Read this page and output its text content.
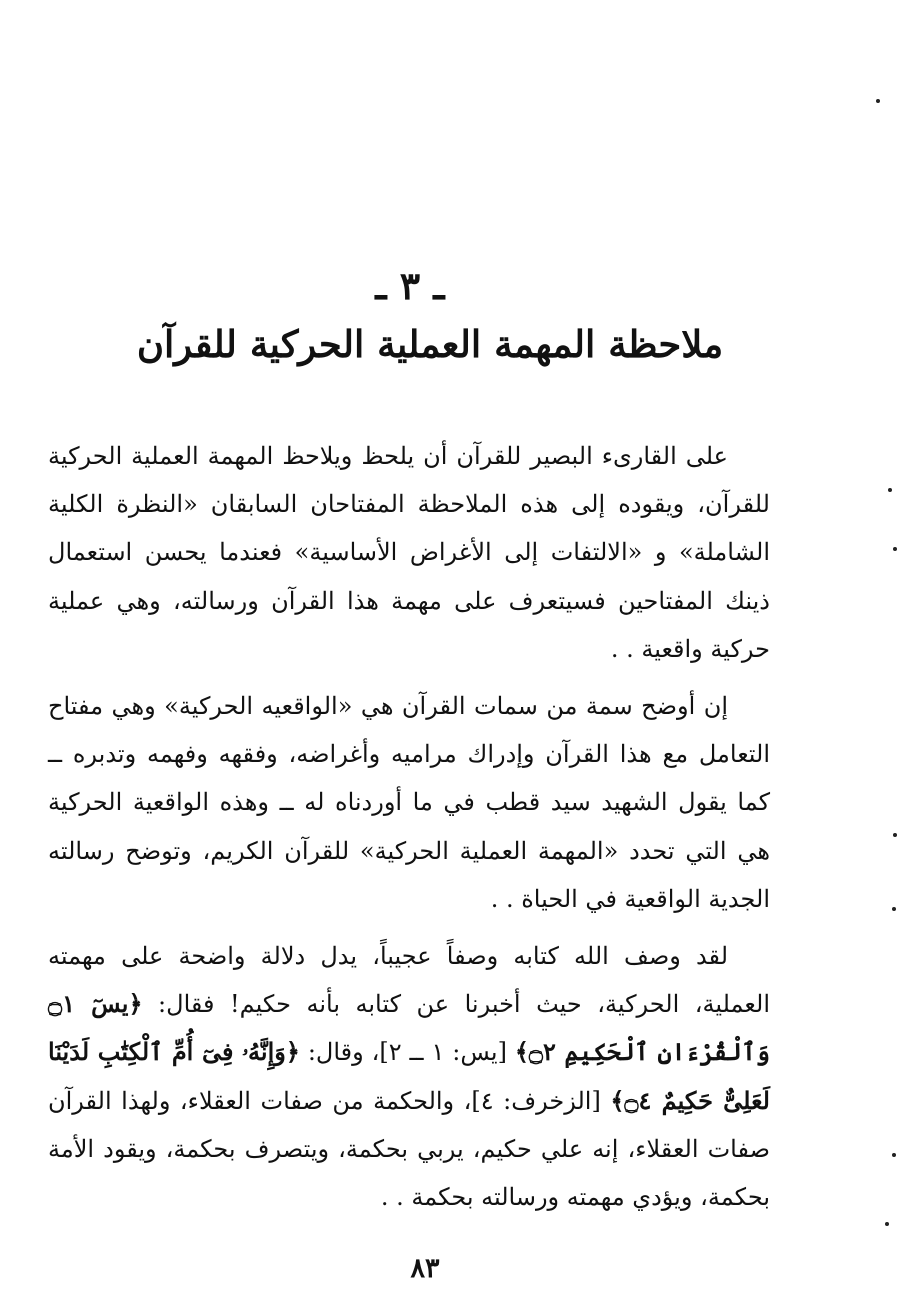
ـ ٣ ـ
ملاحظة المهمة العملية الحركية للقرآن

على القارىء البصير للقرآن أن يلحظ ويلاحظ المهمة العملية الحركية للقرآن، ويقوده إلى هذه الملاحظة المفتاحان السابقان «النظرة الكلية الشاملة» و «الالتفات إلى الأغراض الأساسية» فعندما يحسن استعمال ذينك المفتاحين فسيتعرف على مهمة هذا القرآن ورسالته، وهي عملية حركية واقعية . .

إن أوضح سمة من سمات القرآن هي «الواقعيه الحركية» وهي مفتاح التعامل مع هذا القرآن وإدراك مراميه وأغراضه، وفقهه وفهمه وتدبره ــ كما يقول الشهيد سيد قطب في ما أوردناه له ــ وهذه الواقعية الحركية هي التي تحدد «المهمة العملية الحركية» للقرآن الكريم، وتوضح رسالته الجدية الواقعية في الحياة . .

لقد وصف الله كتابه وصفاً عجيباً، يدل دلالة واضحة على مهمته العملية، الحركية، حيث أخبرنا عن كتابه بأنه حكيم! فقال: ﴿يسٓ ۝١ وَٱلْقُرْءَانِ ٱلْحَكِيمِ ۝٢﴾ [يس: ١ ــ ٢]، وقال: ﴿وَإِنَّهُۥ فِىٓ أُمِّ ٱلْكِتَٰبِ لَدَيْنَا لَعَلِىٌّ حَكِيمٌ ۝٤﴾ [الزخرف: ٤]، والحكمة من صفات العقلاء، ولهذا القرآن صفات العقلاء، إنه علي حكيم، يربي بحكمة، ويتصرف بحكمة، ويقود الأمة بحكمة، ويؤدي مهمته ورسالته بحكمة . .

٨٣
